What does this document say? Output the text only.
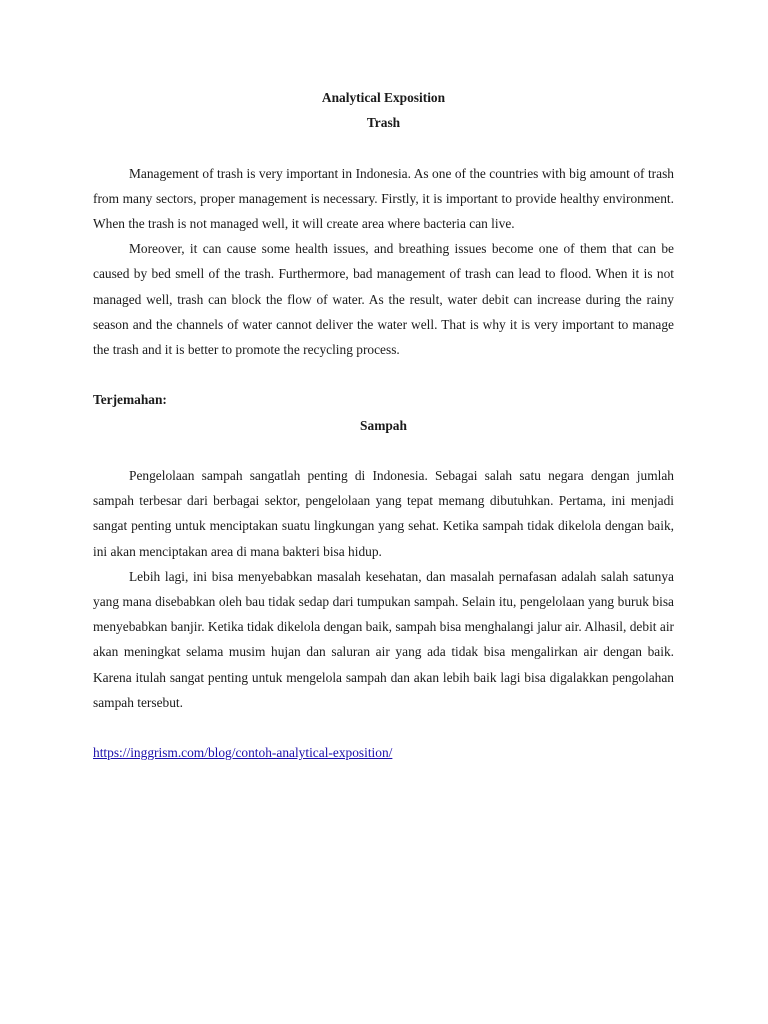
Analytical Exposition

Trash

Management of trash is very important in Indonesia. As one of the countries with big amount of trash from many sectors, proper management is necessary. Firstly, it is important to provide healthy environment. When the trash is not managed well, it will create area where bacteria can live.

Moreover, it can cause some health issues, and breathing issues become one of them that can be caused by bed smell of the trash. Furthermore, bad management of trash can lead to flood. When it is not managed well, trash can block the flow of water. As the result, water debit can increase during the rainy season and the channels of water cannot deliver the water well. That is why it is very important to manage the trash and it is better to promote the recycling process.

Terjemahan:

Sampah

Pengelolaan sampah sangatlah penting di Indonesia. Sebagai salah satu negara dengan jumlah sampah terbesar dari berbagai sektor, pengelolaan yang tepat memang dibutuhkan. Pertama, ini menjadi sangat penting untuk menciptakan suatu lingkungan yang sehat. Ketika sampah tidak dikelola dengan baik, ini akan menciptakan area di mana bakteri bisa hidup.

Lebih lagi, ini bisa menyebabkan masalah kesehatan, dan masalah pernafasan adalah salah satunya yang mana disebabkan oleh bau tidak sedap dari tumpukan sampah. Selain itu, pengelolaan yang buruk bisa menyebabkan banjir. Ketika tidak dikelola dengan baik, sampah bisa menghalangi jalur air. Alhasil, debit air akan meningkat selama musim hujan dan saluran air yang ada tidak bisa mengalirkan air dengan baik. Karena itulah sangat penting untuk mengelola sampah dan akan lebih baik lagi bisa digalakkan pengolahan sampah tersebut.

https://inggrism.com/blog/contoh-analytical-exposition/
